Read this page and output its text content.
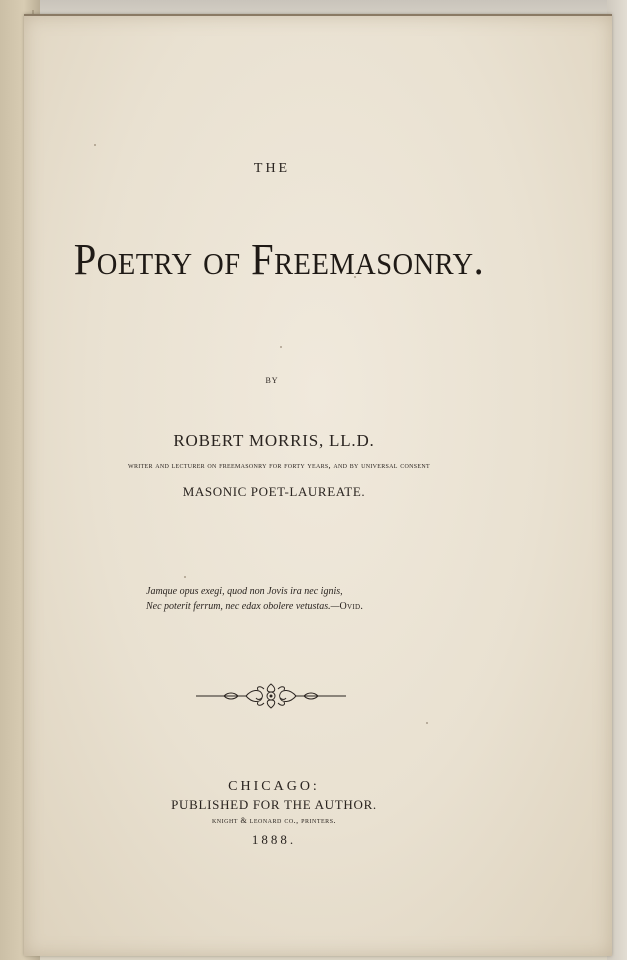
THE
Poetry of Freemasonry.
BY
ROBERT MORRIS, LL.D.
writer and lecturer on freemasonry for forty years, and by universal consent
MASONIC POET-LAUREATE.
Jamque opus exegi, quod non Jovis ira nec ignis,
Nec poterit ferrum, nec edax obolere vetustas.—Ovid.
CHICAGO:
PUBLISHED FOR THE AUTHOR.
knight & leonard co., printers.
1888.
